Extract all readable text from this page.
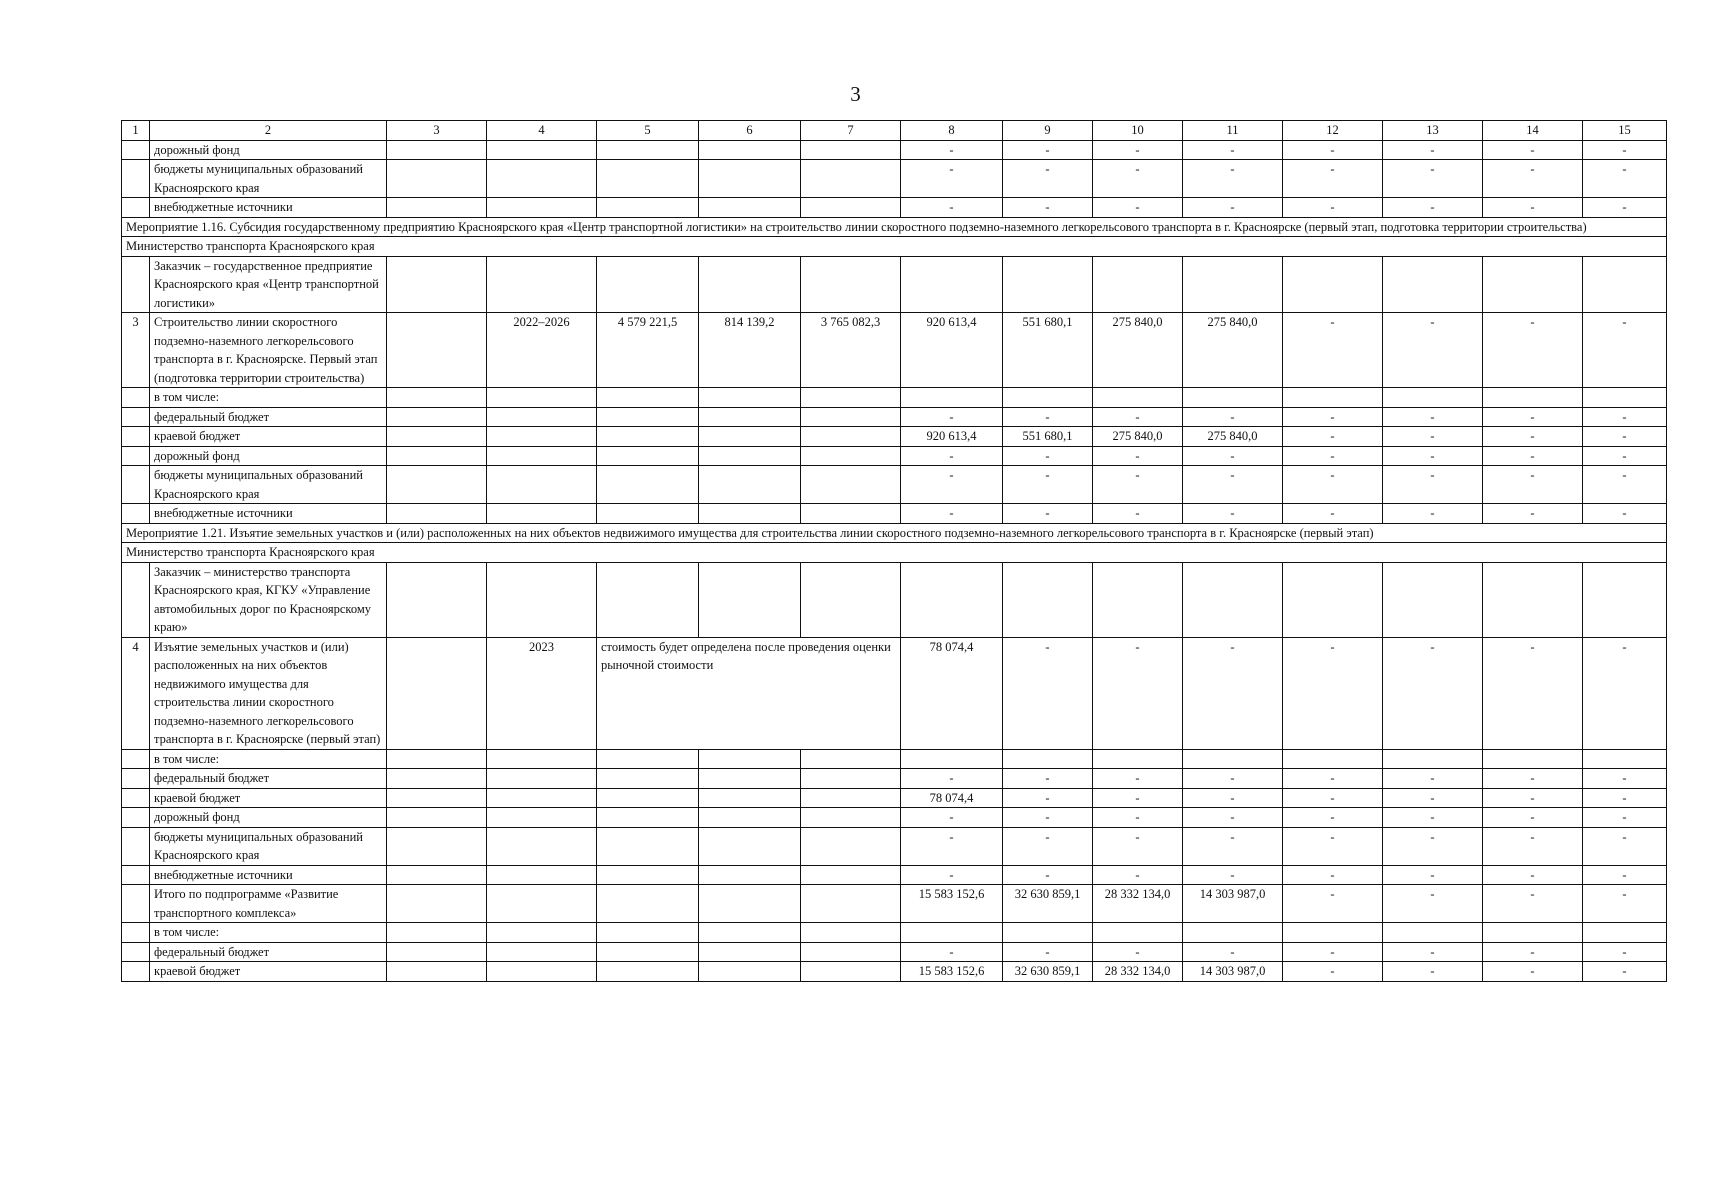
3
1	2	3	4	5	6	7	8	9	10	11	12	13	14	15
	дорожный фонд						-	-	-	-	-	-	-	-
	бюджеты муниципальных образований Красноярского края						-	-	-	-	-	-	-	-
	внебюджетные источники						-	-	-	-	-	-	-	-
Мероприятие 1.16. Субсидия государственному предприятию Красноярского края «Центр транспортной логистики» на строительство линии скоростного подземно-наземного легкорельсового транспорта в г. Красноярске (первый этап, подготовка территории строительства)														
Министерство транспорта Красноярского края														
	Заказчик – государственное предприятие Красноярского края «Центр транспортной логистики»													
3	Строительство линии скоростного подземно-наземного легкорельсового транспорта в г. Красноярске. Первый этап (подготовка территории строительства)		2022–2026	4 579 221,5	814 139,2	3 765 082,3	920 613,4	551 680,1	275 840,0	275 840,0	-	-	-	-
	в том числе:													
	федеральный бюджет						-	-	-	-	-	-	-	-
	краевой бюджет						920 613,4	551 680,1	275 840,0	275 840,0	-	-	-	-
	дорожный фонд						-	-	-	-	-	-	-	-
	бюджеты муниципальных образований Красноярского края						-	-	-	-	-	-	-	-
	внебюджетные источники						-	-	-	-	-	-	-	-
Мероприятие 1.21. Изъятие земельных участков и (или) расположенных на них объектов недвижимого имущества для строительства линии скоростного подземно-наземного легкорельсового транспорта в г. Красноярске (первый этап)														
Министерство транспорта Красноярского края														
	Заказчик – министерство транспорта Красноярского края, КГКУ «Управление автомобильных дорог по Красноярскому краю»													
4	Изъятие земельных участков и (или) расположенных на них объектов недвижимого имущества для строительства линии скоростного подземно-наземного легкорельсового транспорта в г. Красноярске (первый этап)		2023	стоимость будет определена после проведения оценки рыночной стоимости			78 074,4	-	-	-	-	-	-	-
	в том числе:													
	федеральный бюджет						-	-	-	-	-	-	-	-
	краевой бюджет						78 074,4	-	-	-	-	-	-	-
	дорожный фонд						-	-	-	-	-	-	-	-
	бюджеты муниципальных образований Красноярского края						-	-	-	-	-	-	-	-
	внебюджетные источники						-	-	-	-	-	-	-	-
	Итого по подпрограмме «Развитие транспортного комплекса»						15 583 152,6	32 630 859,1	28 332 134,0	14 303 987,0	-	-	-	-
	в том числе:													
	федеральный бюджет						-	-	-	-	-	-	-	-
	краевой бюджет						15 583 152,6	32 630 859,1	28 332 134,0	14 303 987,0	-	-	-	-
